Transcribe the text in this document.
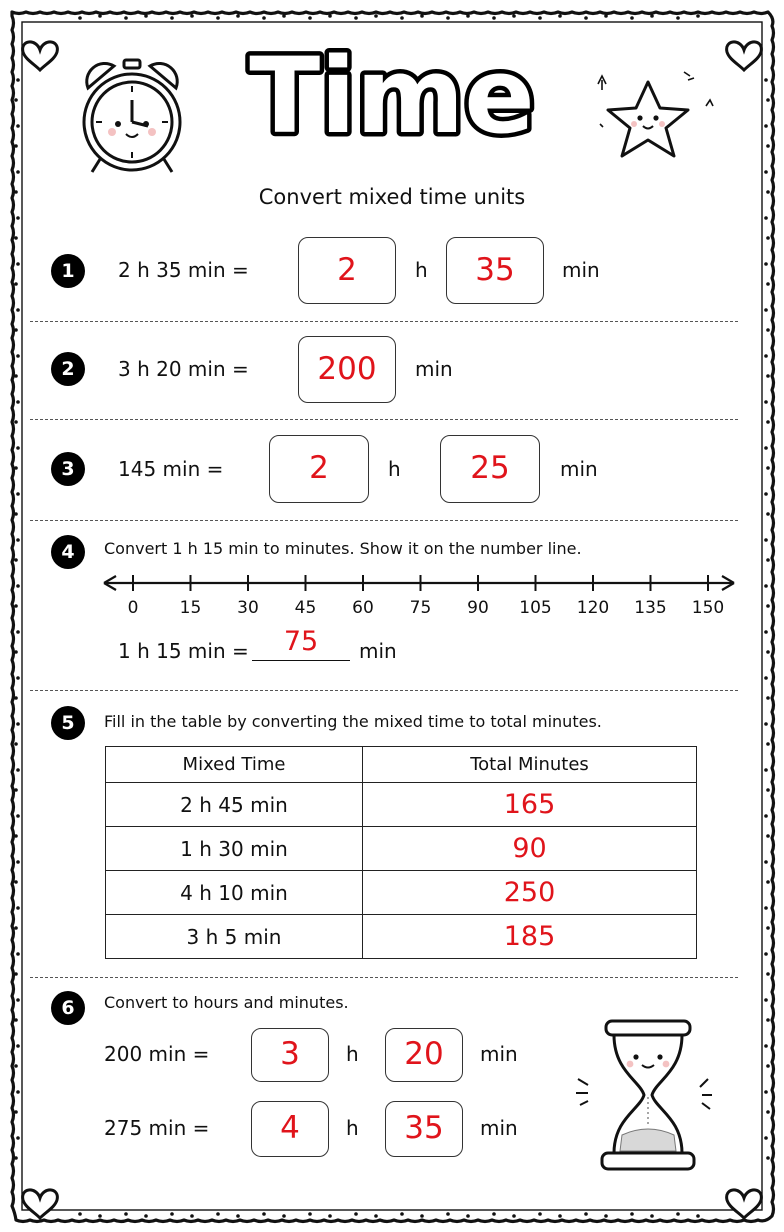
Time
Convert mixed time units
1	2 h 35 min =	2	h	35	min
2	3 h 20 min =	200	min
3	145 min =	2	h	25	min
4	Convert 1 h 15 min to minutes. Show it on the number line.
0 15 30 45 60 75 90 105 120 135 150
1 h 15 min =	75	min
5	Fill in the table by converting the mixed time to total minutes.
Mixed Time	Total Minutes
2 h 45 min	165
1 h 30 min	90
4 h 10 min	250
3 h 5 min	185
6	Convert to hours and minutes.
200 min =	3	h	20	min
275 min =	4	h	35	min
